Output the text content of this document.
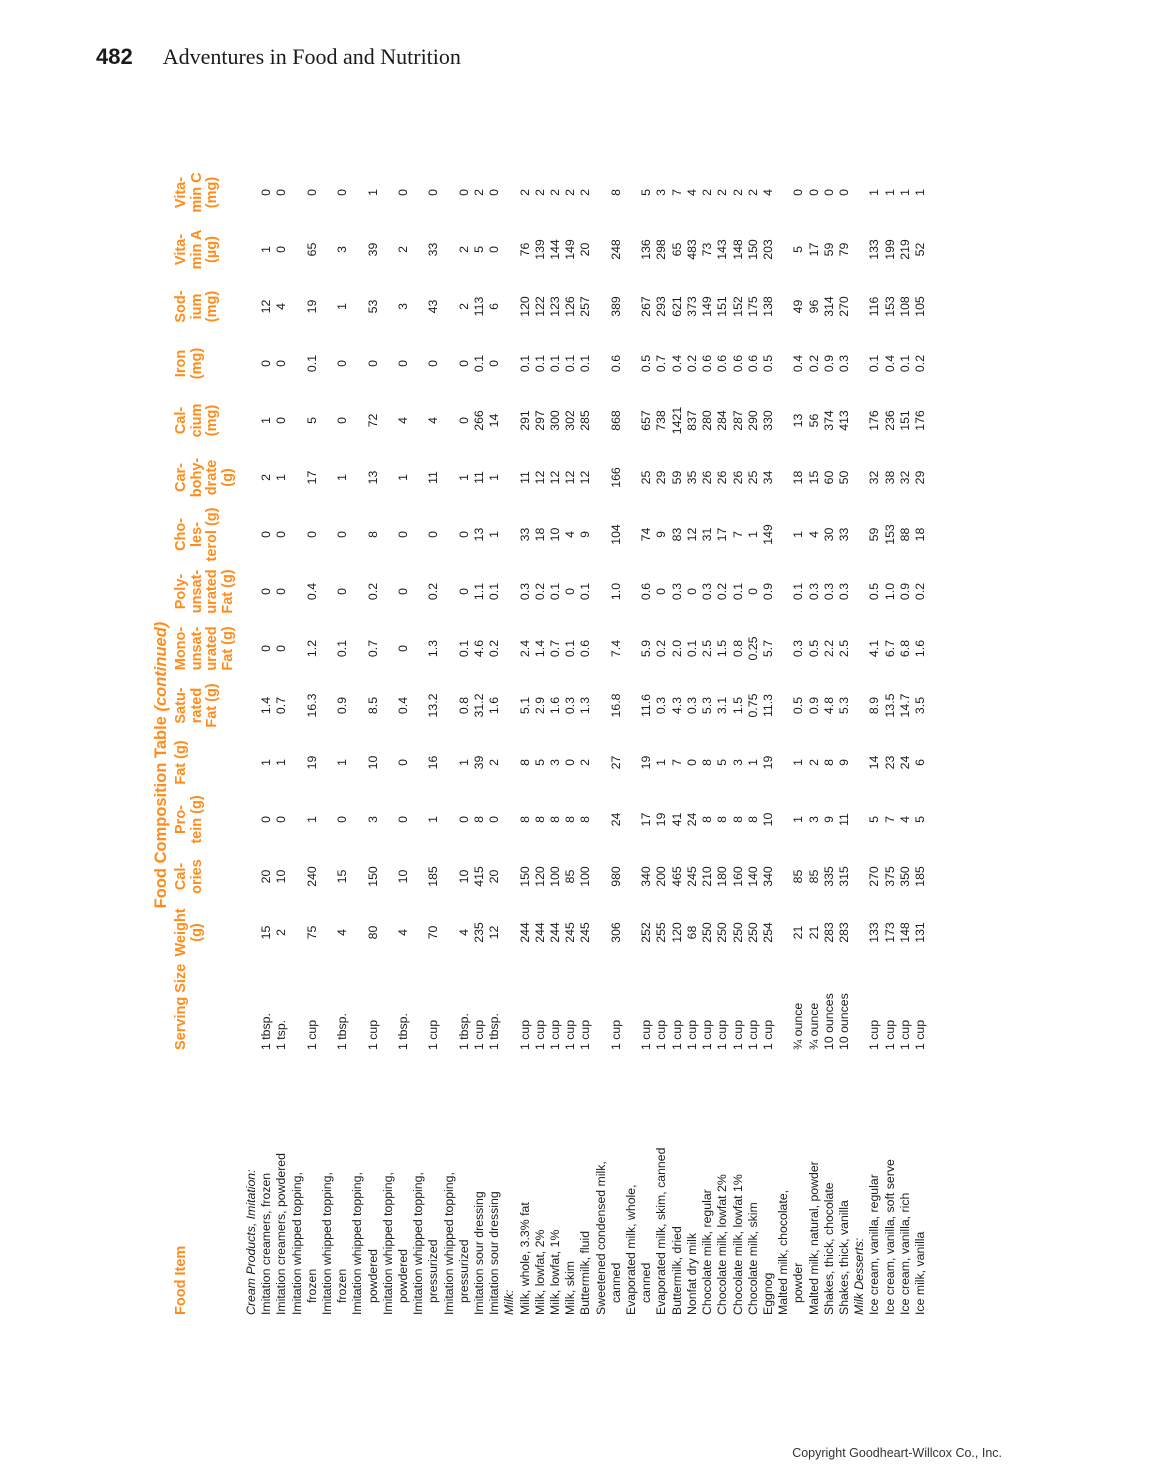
482 Adventures in Food and Nutrition
Food Composition Table (continued)
Food Item	Serving Size	Weight (g)	Cal- ories	Pro- tein (g)	Fat (g)	Satu- rated Fat (g)	Mono- unsat- urated Fat (g)	Poly- unsat- urated Fat (g)	Cho- les- terol (g)	Car- bohy- drate (g)	Cal- cium (mg)	Iron (mg)	Sod- ium (mg)	Vita- min A (µg)	Vita- min C (mg)
Cream Products, Imitation:															
Imitation creamers, frozen	1 tbsp.	15	20	0	1	1.4	0	0	0	2	1	0	12	1	0
Imitation creamers, powdered	1 tsp.	2	10	0	1	0.7	0	0	0	1	0	0	4	0	0
Imitation whipped topping,
frozen	1 cup	75	240	1	19	16.3	1.2	0.4	0	17	5	0.1	19	65	0
Imitation whipped topping,
frozen	1 tbsp.	4	15	0	1	0.9	0.1	0	0	1	0	0	1	3	0
Imitation whipped topping,
powdered	1 cup	80	150	3	10	8.5	0.7	0.2	8	13	72	0	53	39	1
Imitation whipped topping,
powdered	1 tbsp.	4	10	0	0	0.4	0	0	0	1	4	0	3	2	0
Imitation whipped topping,
pressurized	1 cup	70	185	1	16	13.2	1.3	0.2	0	11	4	0	43	33	0
Imitation whipped topping,
pressurized	1 tbsp.	4	10	0	1	0.8	0.1	0	0	1	0	0	2	2	0
Imitation sour dressing	1 cup	235	415	8	39	31.2	4.6	1.1	13	11	266	0.1	113	5	2
Imitation sour dressing	1 tbsp.	12	20	0	2	1.6	0.2	0.1	1	1	14	0	6	0	0
Milk:															
Milk, whole, 3.3% fat	1 cup	244	150	8	8	5.1	2.4	0.3	33	11	291	0.1	120	76	2
Milk, lowfat, 2%	1 cup	244	120	8	5	2.9	1.4	0.2	18	12	297	0.1	122	139	2
Milk, lowfat, 1%	1 cup	244	100	8	3	1.6	0.7	0.1	10	12	300	0.1	123	144	2
Milk, skim	1 cup	245	85	8	0	0.3	0.1	0	4	12	302	0.1	126	149	2
Buttermilk, fluid	1 cup	245	100	8	2	1.3	0.6	0.1	9	12	285	0.1	257	20	2
Sweetened condensed milk,
canned	1 cup	306	980	24	27	16.8	7.4	1.0	104	166	868	0.6	389	248	8
Evaporated milk, whole,
canned	1 cup	252	340	17	19	11.6	5.9	0.6	74	25	657	0.5	267	136	5
Evaporated milk, skim, canned	1 cup	255	200	19	1	0.3	0.2	0	9	29	738	0.7	293	298	3
Buttermilk, dried	1 cup	120	465	41	7	4.3	2.0	0.3	83	59	1421	0.4	621	65	7
Nonfat dry milk	1 cup	68	245	24	0	0.3	0.1	0	12	35	837	0.2	373	483	4
Chocolate milk, regular	1 cup	250	210	8	8	5.3	2.5	0.3	31	26	280	0.6	149	73	2
Chocolate milk, lowfat 2%	1 cup	250	180	8	5	3.1	1.5	0.2	17	26	284	0.6	151	143	2
Chocolate milk, lowfat 1%	1 cup	250	160	8	3	1.5	0.8	0.1	7	26	287	0.6	152	148	2
Chocolate milk, skim	1 cup	250	140	8	1	0.75	0.25	0	1	25	290	0.6	175	150	2
Eggnog	1 cup	254	340	10	19	11.3	5.7	0.9	149	34	330	0.5	138	203	4
Malted milk, chocolate,
powder	¾ ounce	21	85	1	1	0.5	0.3	0.1	1	18	13	0.4	49	5	0
Malted milk, natural, powder	¾ ounce	21	85	3	2	0.9	0.5	0.3	4	15	56	0.2	96	17	0
Shakes, thick, chocolate	10 ounces	283	335	9	8	4.8	2.2	0.3	30	60	374	0.9	314	59	0
Shakes, thick, vanilla	10 ounces	283	315	11	9	5.3	2.5	0.3	33	50	413	0.3	270	79	0
Milk Desserts:															
Ice cream, vanilla, regular	1 cup	133	270	5	14	8.9	4.1	0.5	59	32	176	0.1	116	133	1
Ice cream, vanilla, soft serve	1 cup	173	375	7	23	13.5	6.7	1.0	153	38	236	0.4	153	199	1
Ice cream, vanilla, rich	1 cup	148	350	4	24	14.7	6.8	0.9	88	32	151	0.1	108	219	1
Ice milk, vanilla	1 cup	131	185	5	6	3.5	1.6	0.2	18	29	176	0.2	105	52	1
Copyright Goodheart-Willcox Co., Inc.
